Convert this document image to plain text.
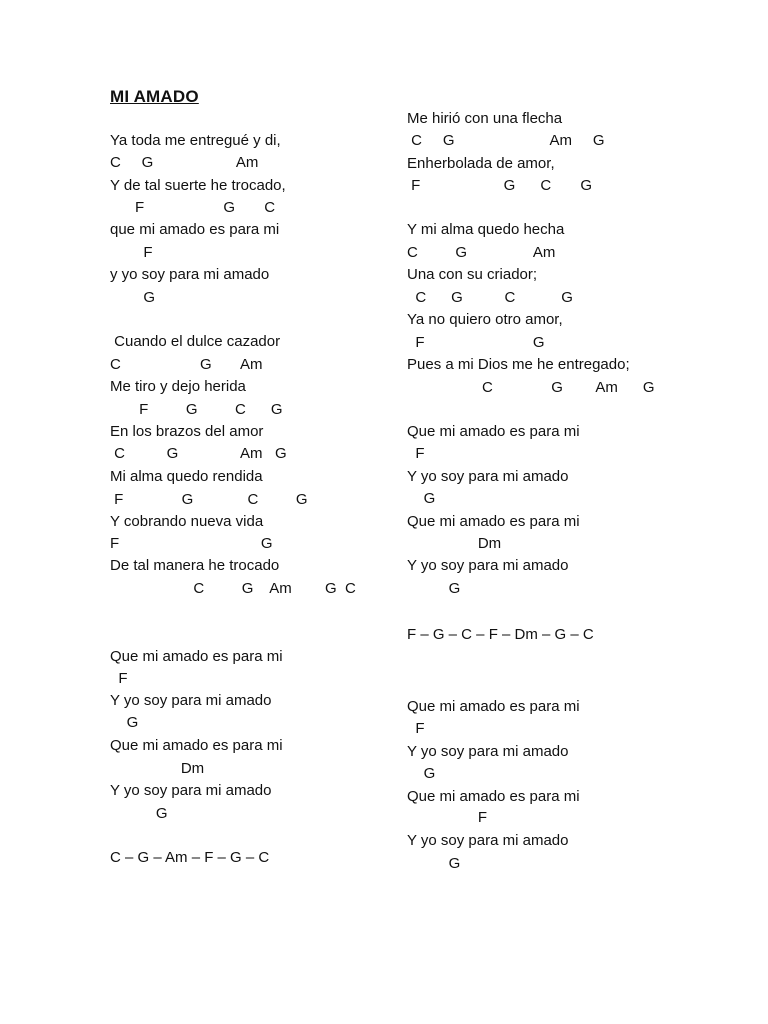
MI AMADO
Ya toda me entregué y di,
C     G                    Am
Y de tal suerte he trocado,
F                   G       C
que mi amado es para mi
F
y yo soy para mi amado
G
Cuando el dulce cazador
C                   G       Am
Me tiro y dejo herida
F         G         C      G
En los brazos del amor
C          G               Am   G
Mi alma quedo rendida
F              G             C         G
Y cobrando nueva vida
F                                  G
De tal manera he trocado
C         G    Am        G  C
Que mi amado es para mi
F
Y yo soy para mi amado
G
Que mi amado es para mi
Dm
Y yo soy para mi amado
G
C – G – Am – F – G – C
Me hirió con una flecha
C     G                       Am     G
Enherbolada de amor,
F                    G      C       G
Y mi alma quedo hecha
C         G                Am
Una con su criador;
C      G          C           G
Ya no quiero otro amor,
F                          G
Pues a mi Dios me he entregado;
C              G        Am      G
Que mi amado es para mi
F
Y yo soy para mi amado
G
Que mi amado es para mi
Dm
Y yo soy para mi amado
G
F – G – C – F – Dm – G – C
Que mi amado es para mi
F
Y yo soy para mi amado
G
Que mi amado es para mi
F
Y yo soy para mi amado
G
